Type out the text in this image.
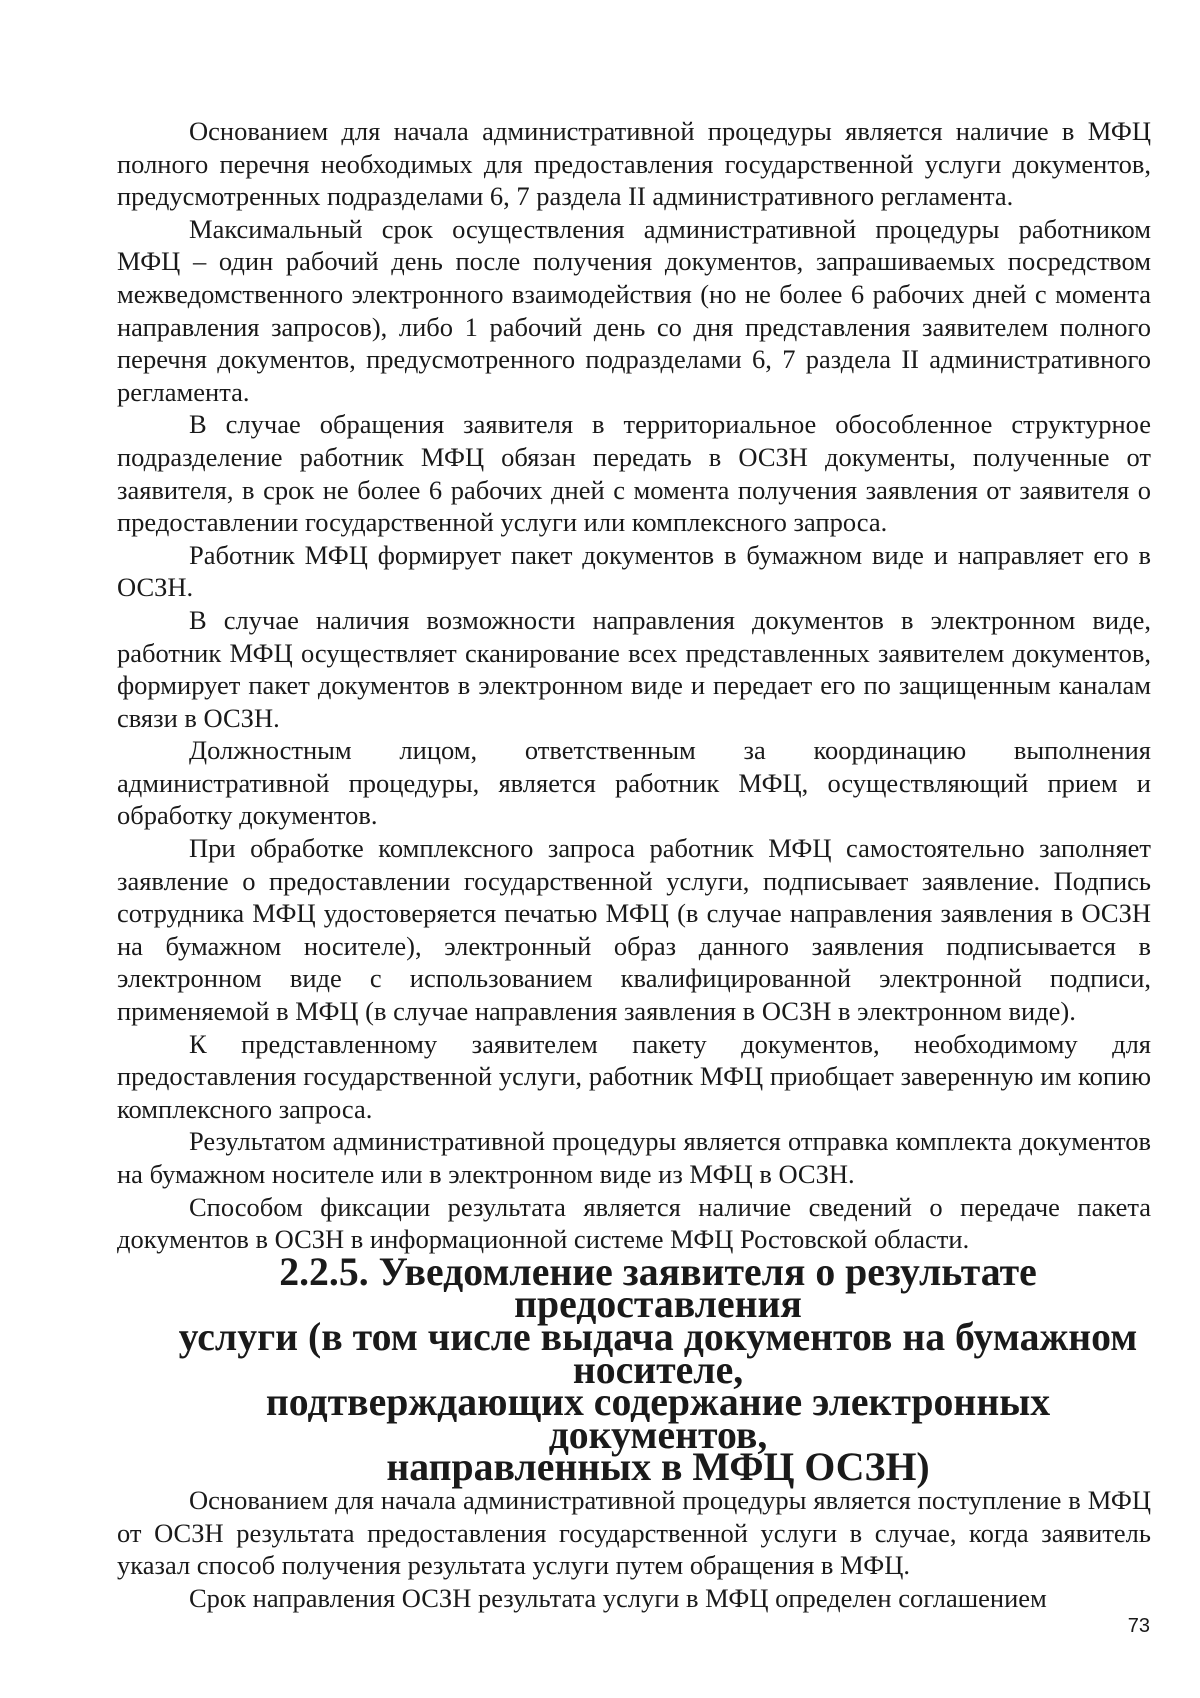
Основанием для начала административной процедуры является наличие в МФЦ полного перечня необходимых для предоставления государственной услуги документов, предусмотренных подразделами 6, 7 раздела II административного регламента.

Максимальный срок осуществления административной процедуры работником МФЦ – один рабочий день после получения документов, запрашиваемых посредством межведомственного электронного взаимодействия (но не более 6 рабочих дней с момента направления запросов), либо 1 рабочий день со дня представления заявителем полного перечня документов, предусмотренного подразделами 6, 7 раздела II административного регламента.

В случае обращения заявителя в территориальное обособленное структурное подразделение работник МФЦ обязан передать в ОСЗН документы, полученные от заявителя, в срок не более 6 рабочих дней с момента получения заявления от заявителя о предоставлении государственной услуги или комплексного запроса.

Работник МФЦ формирует пакет документов в бумажном виде и направляет его в ОСЗН.

В случае наличия возможности направления документов в электронном виде, работник МФЦ осуществляет сканирование всех представленных заявителем документов, формирует пакет документов в электронном виде и передает его по защищенным каналам связи в ОСЗН.

Должностным лицом, ответственным за координацию выполнения административной процедуры, является работник МФЦ, осуществляющий прием и обработку документов.

При обработке комплексного запроса работник МФЦ самостоятельно заполняет заявление о предоставлении государственной услуги, подписывает заявление. Подпись сотрудника МФЦ удостоверяется печатью МФЦ (в случае направления заявления в ОСЗН на бумажном носителе), электронный образ данного заявления подписывается в электронном виде с использованием квалифицированной электронной подписи, применяемой в МФЦ (в случае направления заявления в ОСЗН в электронном виде).

К представленному заявителем пакету документов, необходимому для предоставления государственной услуги, работник МФЦ приобщает заверенную им копию комплексного запроса.

Результатом административной процедуры является отправка комплекта документов на бумажном носителе или в электронном виде из МФЦ в ОСЗН.

Способом фиксации результата является наличие сведений о передаче пакета документов в ОСЗН в информационной системе МФЦ Ростовской области.

2.2.5. Уведомление заявителя о результате предоставления
услуги (в том числе выдача документов на бумажном носителе,
подтверждающих содержание электронных документов,
направленных в МФЦ ОСЗН)

Основанием для начала административной процедуры является поступление в МФЦ от ОСЗН результата предоставления государственной услуги в случае, когда заявитель указал способ получения результата услуги путем обращения в МФЦ.

Срок направления ОСЗН результата услуги в МФЦ определен соглашением

73
